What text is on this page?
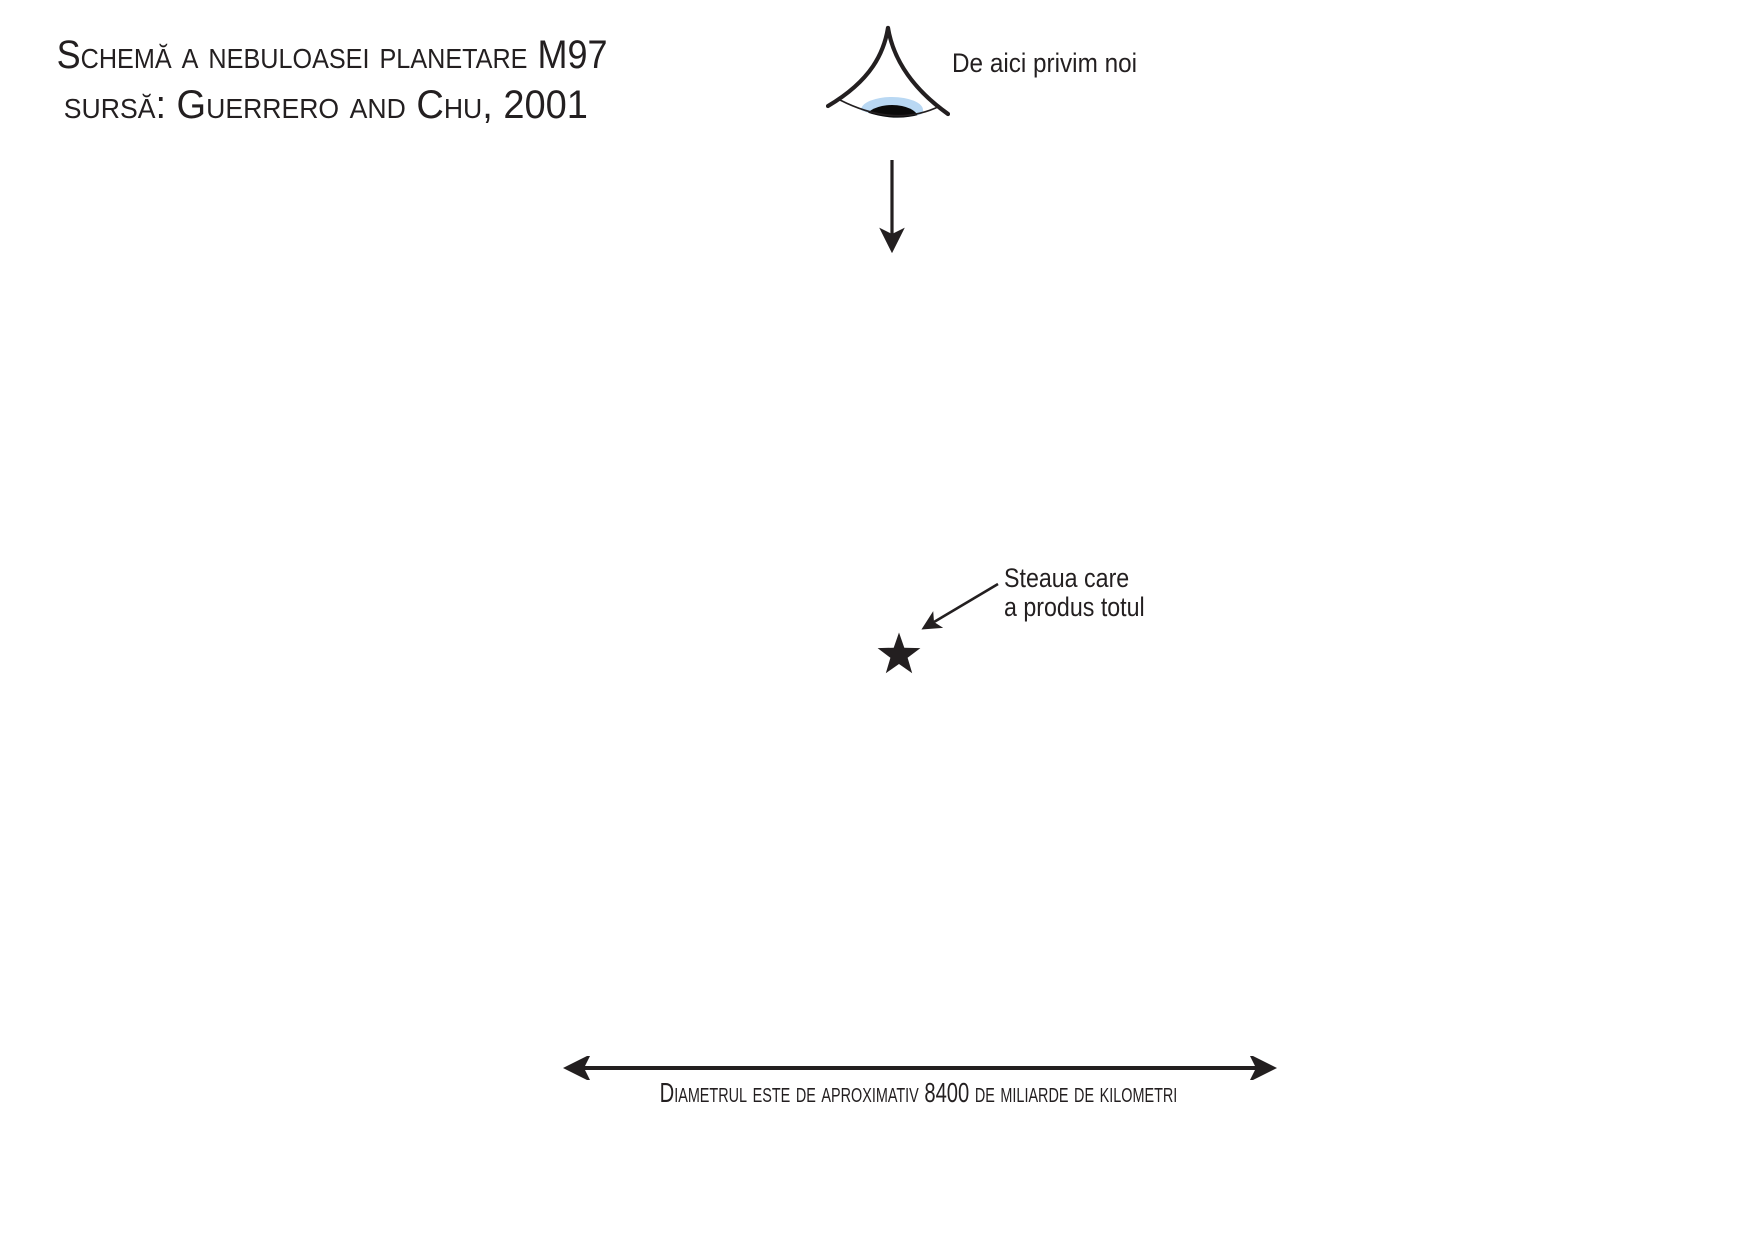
Schemă a nebuloasei planetare M97
sursă: Guerrero and Chu, 2001
De aici privim noi
Steaua care
a produs totul
Diametrul este de aproximativ 8400 de miliarde de kilometri
